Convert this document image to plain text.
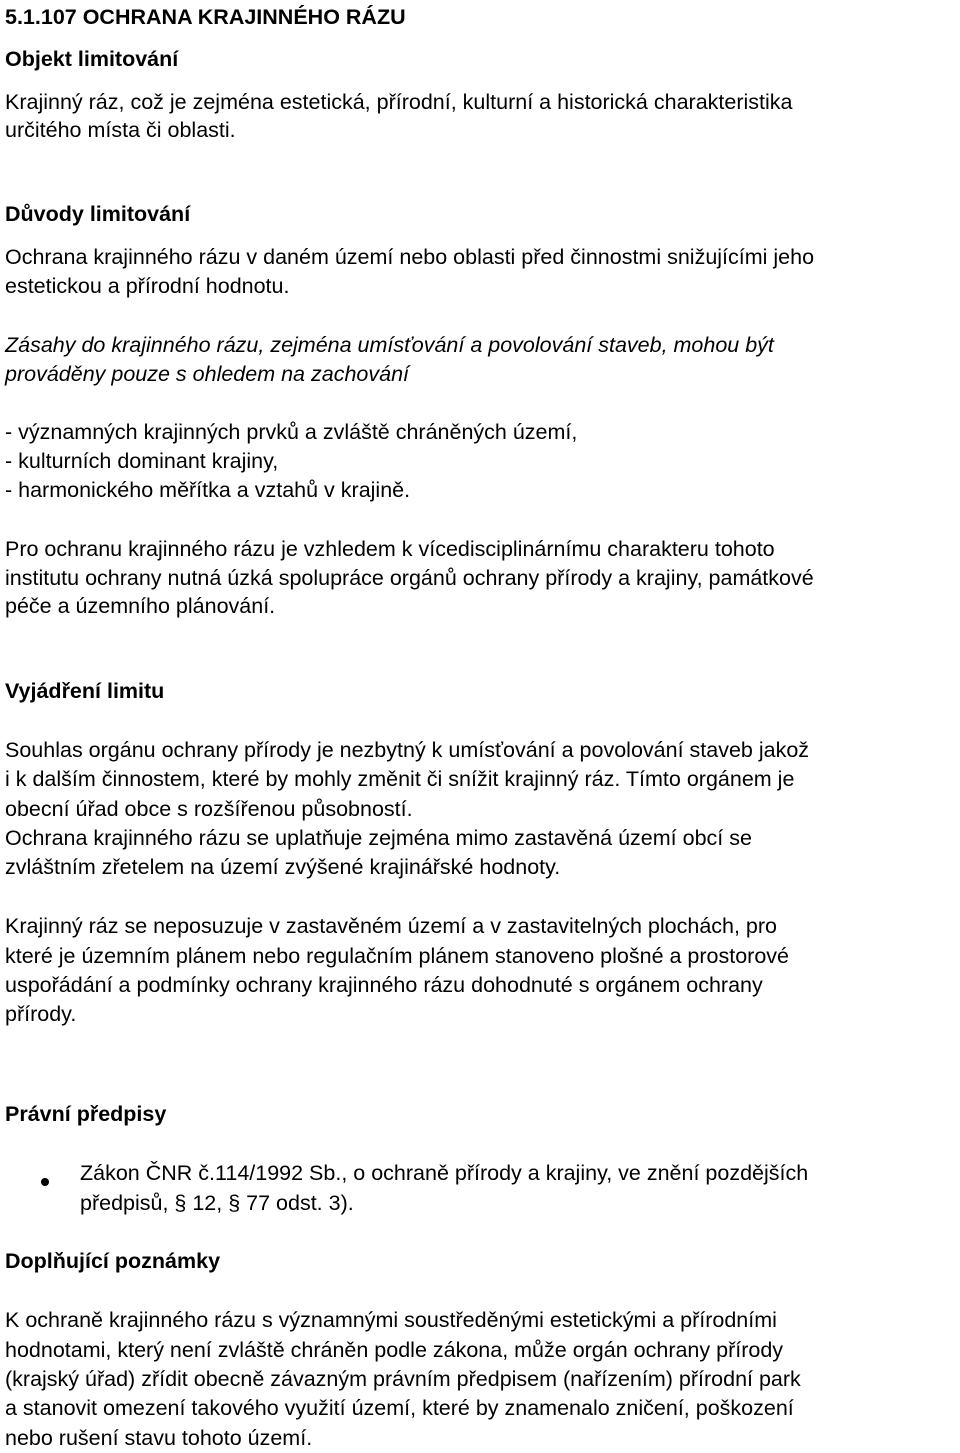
5.1.107 OCHRANA KRAJINNÉHO RÁZU
Objekt limitování
Krajinný ráz, což je zejména estetická, přírodní, kulturní a historická charakteristika
určitého místa či oblasti.
Důvody limitování
Ochrana krajinného rázu v daném území nebo oblasti před činnostmi snižujícími jeho
estetickou a přírodní hodnotu.
Zásahy do krajinného rázu, zejména umísťování a povolování staveb, mohou být
prováděny pouze s ohledem na zachování
- významných krajinných prvků a zvláště chráněných území,
- kulturních dominant krajiny,
- harmonického měřítka a vztahů v krajině.
Pro ochranu krajinného rázu je vzhledem k vícedisciplinárnímu charakteru tohoto
institutu ochrany nutná úzká spolupráce orgánů ochrany přírody a krajiny, památkové
péče a územního plánování.
Vyjádření limitu
Souhlas orgánu ochrany přírody je nezbytný k umísťování a povolování staveb jakož
i k dalším činnostem, které by mohly změnit či snížit krajinný ráz. Tímto orgánem je
obecní úřad obce s rozšířenou působností.
Ochrana krajinného rázu se uplatňuje zejména mimo zastavěná území obcí se
zvláštním zřetelem na území zvýšené krajinářské hodnoty.
Krajinný ráz se neposuzuje v zastavěném území a v zastavitelných plochách, pro
které je územním plánem nebo regulačním plánem stanoveno plošné a prostorové
uspořádání a podmínky ochrany krajinného rázu dohodnuté s orgánem ochrany
přírody.
Právní předpisy
Zákon ČNR č.114/1992 Sb., o ochraně přírody a krajiny, ve znění pozdějších
předpisů, § 12, § 77 odst. 3).
Doplňující poznámky
K ochraně krajinného rázu s významnými soustředěnými estetickými a přírodními
hodnotami, který není zvláště chráněn podle zákona, může orgán ochrany přírody
(krajský úřad) zřídit obecně závazným právním předpisem (nařízením) přírodní park
a stanovit omezení takového využití území, které by znamenalo zničení, poškození
nebo rušení stavu tohoto území.
